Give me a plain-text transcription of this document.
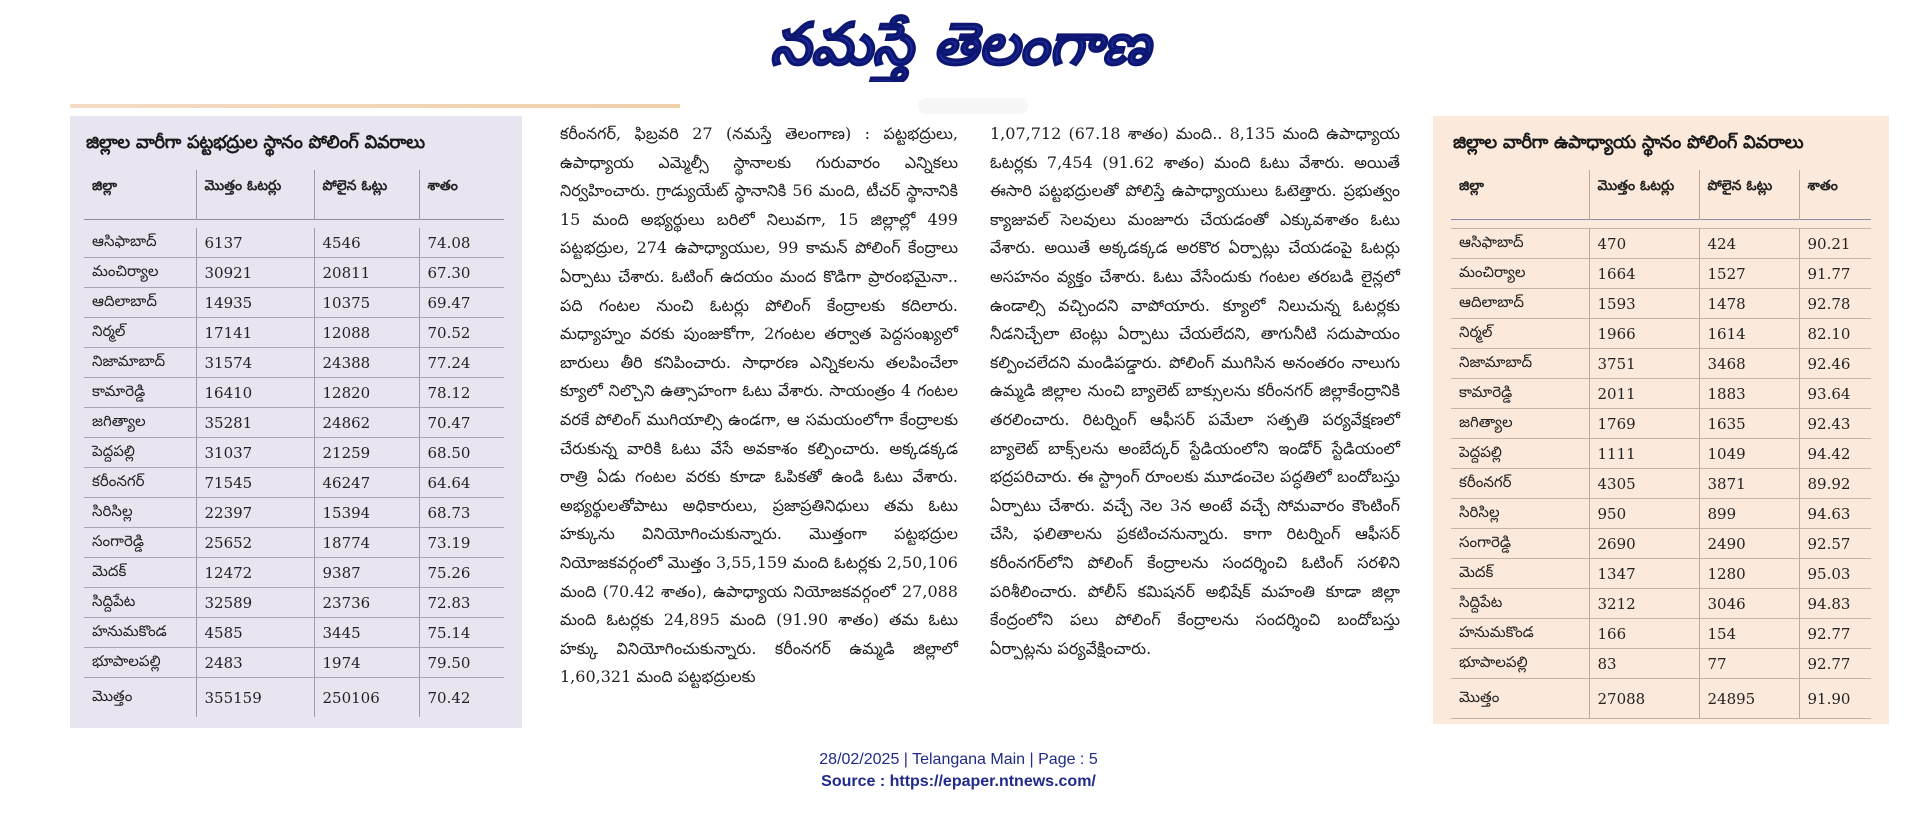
నమస్తే తెలంగాణ
జిల్లాల వారీగా పట్టభద్రుల స్థానం పోలింగ్ వివరాలు
జిల్లా	మొత్తం ఓటర్లు	పోలైన ఓట్లు	శాతం

ఆసిఫాబాద్	6137	4546	74.08
మంచిర్యాల	30921	20811	67.30
ఆదిలాబాద్	14935	10375	69.47
నిర్మల్	17141	12088	70.52
నిజామాబాద్	31574	24388	77.24
కామారెడ్డి	16410	12820	78.12
జగిత్యాల	35281	24862	70.47
పెద్దపల్లి	31037	21259	68.50
కరీంనగర్	71545	46247	64.64
సిరిసిల్ల	22397	15394	68.73
సంగారెడ్డి	25652	18774	73.19
మెదక్	12472	9387	75.26
సిద్దిపేట	32589	23736	72.83
హనుమకొండ	4585	3445	75.14
భూపాలపల్లి	2483	1974	79.50
మొత్తం	355159	250106	70.42
కరీంనగర్, ఫిబ్రవరి 27 (నమస్తే తెలంగాణ) : పట్టభద్రులు, ఉపాధ్యాయ ఎమ్మెల్సీ స్థానాలకు గురువారం ఎన్నికలు నిర్వహించారు. గ్రాడ్యుయేట్ స్థానానికి 56 మంది, టీచర్ స్థానానికి 15 మంది అభ్యర్థులు బరిలో నిలువగా, 15 జిల్లాల్లో 499 పట్టభద్రుల, 274 ఉపాధ్యాయుల, 99 కామన్ పోలింగ్ కేంద్రాలు ఏర్పాటు చేశారు. ఓటింగ్ ఉదయం మంద కొడిగా ప్రారంభమైనా.. పది గంటల నుంచి ఓటర్లు పోలింగ్ కేంద్రాలకు కదిలారు. మధ్యాహ్నం వరకు పుంజుకోగా, 2గంటల తర్వాత పెద్దసంఖ్యలో బారులు తీరి కనిపించారు. సాధారణ ఎన్నికలను తలపించేలా క్యూలో నిల్చొని ఉత్సాహంగా ఓటు వేశారు. సాయంత్రం 4 గంటల వరకే పోలింగ్ ముగియాల్సి ఉండగా, ఆ సమయంలోగా కేంద్రాలకు చేరుకున్న వారికి ఓటు వేసే అవకాశం కల్పించారు. అక్కడక్కడ రాత్రి ఏడు గంటల వరకు కూడా ఓపికతో ఉండి ఓటు వేశారు. అభ్యర్థులతోపాటు అధికారులు, ప్రజాప్రతినిధులు తమ ఓటు హక్కును వినియోగించుకున్నారు. మొత్తంగా పట్టభద్రుల నియోజకవర్గంలో మొత్తం 3,55,159 మంది ఓటర్లకు 2,50,106 మంది (70.42 శాతం), ఉపాధ్యాయ నియోజకవర్గంలో 27,088 మంది ఓటర్లకు 24,895 మంది (91.90 శాతం) తమ ఓటు హక్కు వినియోగించుకున్నారు. కరీంనగర్ ఉమ్మడి జిల్లాలో 1,60,321 మంది పట్టభద్రులకు
1,07,712 (67.18 శాతం) మంది.. 8,135 మంది ఉపాధ్యాయ ఓటర్లకు 7,454 (91.62 శాతం) మంది ఓటు వేశారు. అయితే ఈసారి పట్టభద్రులతో పోలిస్తే ఉపాధ్యాయులు ఓటెత్తారు. ప్రభుత్వం క్యాజువల్ సెలవులు మంజూరు చేయడంతో ఎక్కువశాతం ఓటు వేశారు. అయితే అక్కడక్కడ అరకొర ఏర్పాట్లు చేయడంపై ఓటర్లు అసహనం వ్యక్తం చేశారు. ఓటు వేసేందుకు గంటల తరబడి లైన్లలో ఉండాల్సి వచ్చిందని వాపోయారు. క్యూలో నిలుచున్న ఓటర్లకు నీడనిచ్చేలా టెంట్లు ఏర్పాటు చేయలేదని, తాగునీటి సదుపాయం కల్పించలేదని మండిపడ్డారు. పోలింగ్ ముగిసిన అనంతరం నాలుగు ఉమ్మడి జిల్లాల నుంచి బ్యాలెట్ బాక్సులను కరీంనగర్ జిల్లాకేంద్రానికి తరలించారు. రిటర్నింగ్ ఆఫీసర్ పమేలా సత్పతి పర్యవేక్షణలో బ్యాలెట్ బాక్స్‌లను అంబేద్కర్ స్టేడియంలోని ఇండోర్ స్టేడియంలో భద్రపరిచారు. ఈ స్ట్రాంగ్ రూంలకు మూడంచెల పద్ధతిలో బందోబస్తు ఏర్పాటు చేశారు. వచ్చే నెల 3న అంటే వచ్చే సోమవారం కౌంటింగ్ చేసి, ఫలితాలను ప్రకటించనున్నారు. కాగా రిటర్నింగ్ ఆఫీసర్ కరీంనగర్‌లోని పోలింగ్ కేంద్రాలను సందర్శించి ఓటింగ్ సరళిని పరిశీలించారు. పోలీస్ కమిషనర్ అభిషేక్ మహంతి కూడా జిల్లా కేంద్రంలోని పలు పోలింగ్ కేంద్రాలను సందర్శించి బందోబస్తు ఏర్పాట్లను పర్యవేక్షించారు.
జిల్లాల వారీగా ఉపాధ్యాయ స్థానం పోలింగ్ వివరాలు
జిల్లా	మొత్తం ఓటర్లు	పోలైన ఓట్లు	శాతం

ఆసిఫాబాద్	470	424	90.21
మంచిర్యాల	1664	1527	91.77
ఆదిలాబాద్	1593	1478	92.78
నిర్మల్	1966	1614	82.10
నిజామాబాద్	3751	3468	92.46
కామారెడ్డి	2011	1883	93.64
జగిత్యాల	1769	1635	92.43
పెద్దపల్లి	1111	1049	94.42
కరీంనగర్	4305	3871	89.92
సిరిసిల్ల	950	899	94.63
సంగారెడ్డి	2690	2490	92.57
మెదక్	1347	1280	95.03
సిద్దిపేట	3212	3046	94.83
హనుమకొండ	166	154	92.77
భూపాలపల్లి	83	77	92.77
మొత్తం	27088	24895	91.90
28/02/2025 | Telangana Main | Page : 5
Source : https://epaper.ntnews.com/
